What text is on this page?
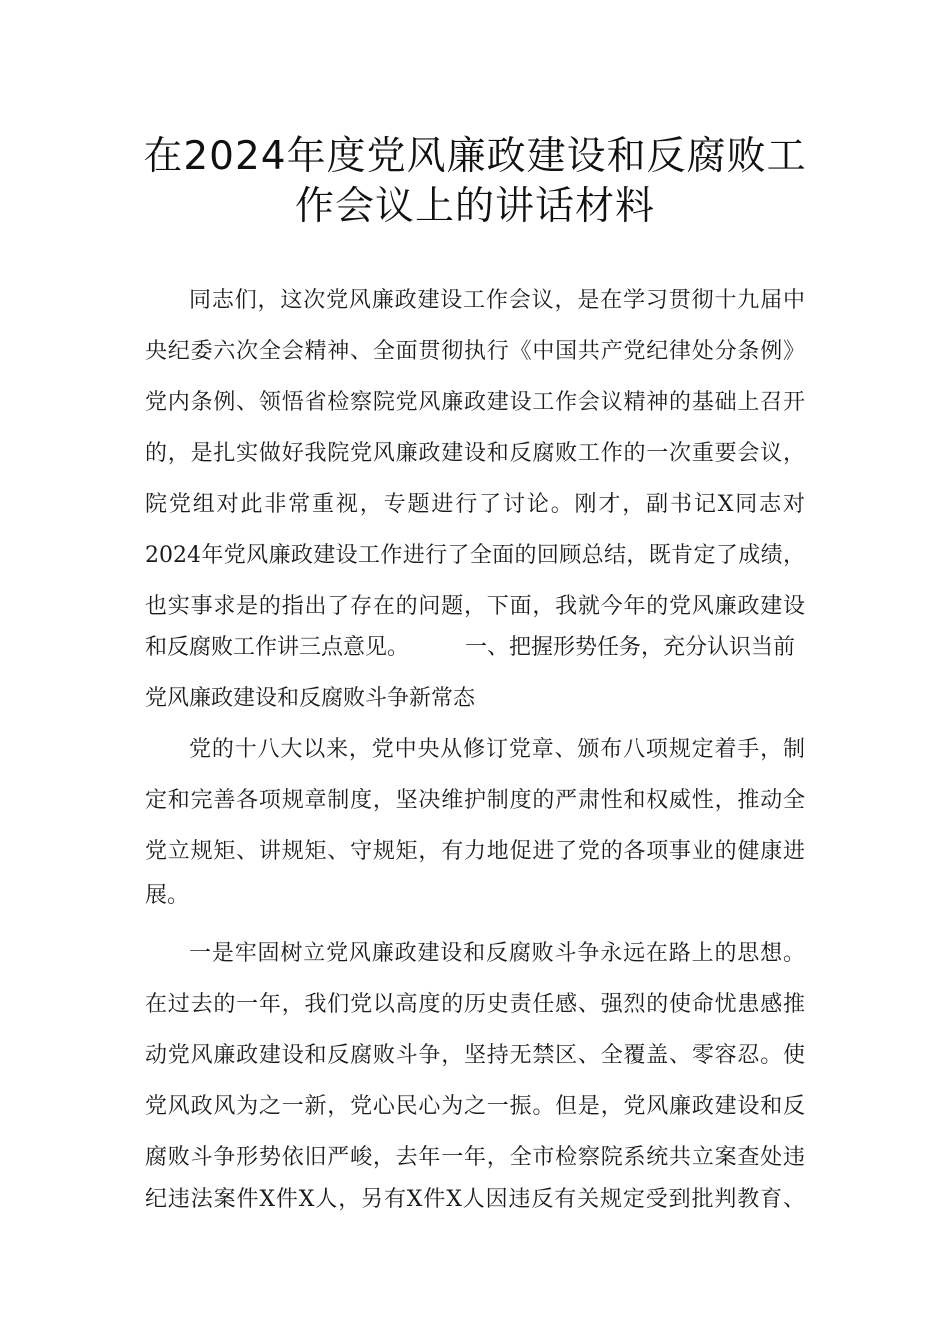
在2024年度党风廉政建设和反腐败工
作会议上的讲话材料
同志们，这次党风廉政建设工作会议，是在学习贯彻十九届中
央纪委六次全会精神、全面贯彻执行《中国共产党纪律处分条例》
党内条例、领悟省检察院党风廉政建设工作会议精神的基础上召开
的，是扎实做好我院党风廉政建设和反腐败工作的一次重要会议，
院党组对此非常重视，专题进行了讨论。刚才，副书记X同志对
2024年党风廉政建设工作进行了全面的回顾总结，既肯定了成绩，
也实事求是的指出了存在的问题，下面，我就今年的党风廉政建设
和反腐败工作讲三点意见。	一、把握形势任务，充分认识当前
党风廉政建设和反腐败斗争新常态
党的十八大以来，党中央从修订党章、颁布八项规定着手，制
定和完善各项规章制度，坚决维护制度的严肃性和权威性，推动全
党立规矩、讲规矩、守规矩，有力地促进了党的各项事业的健康进
展。
一是牢固树立党风廉政建设和反腐败斗争永远在路上的思想。
在过去的一年，我们党以高度的历史责任感、强烈的使命忧患感推
动党风廉政建设和反腐败斗争，坚持无禁区、全覆盖、零容忍。使
党风政风为之一新，党心民心为之一振。但是，党风廉政建设和反
腐败斗争形势依旧严峻，去年一年，全市检察院系统共立案查处违
纪违法案件X件X人，另有X件X人因违反有关规定受到批判教育、
